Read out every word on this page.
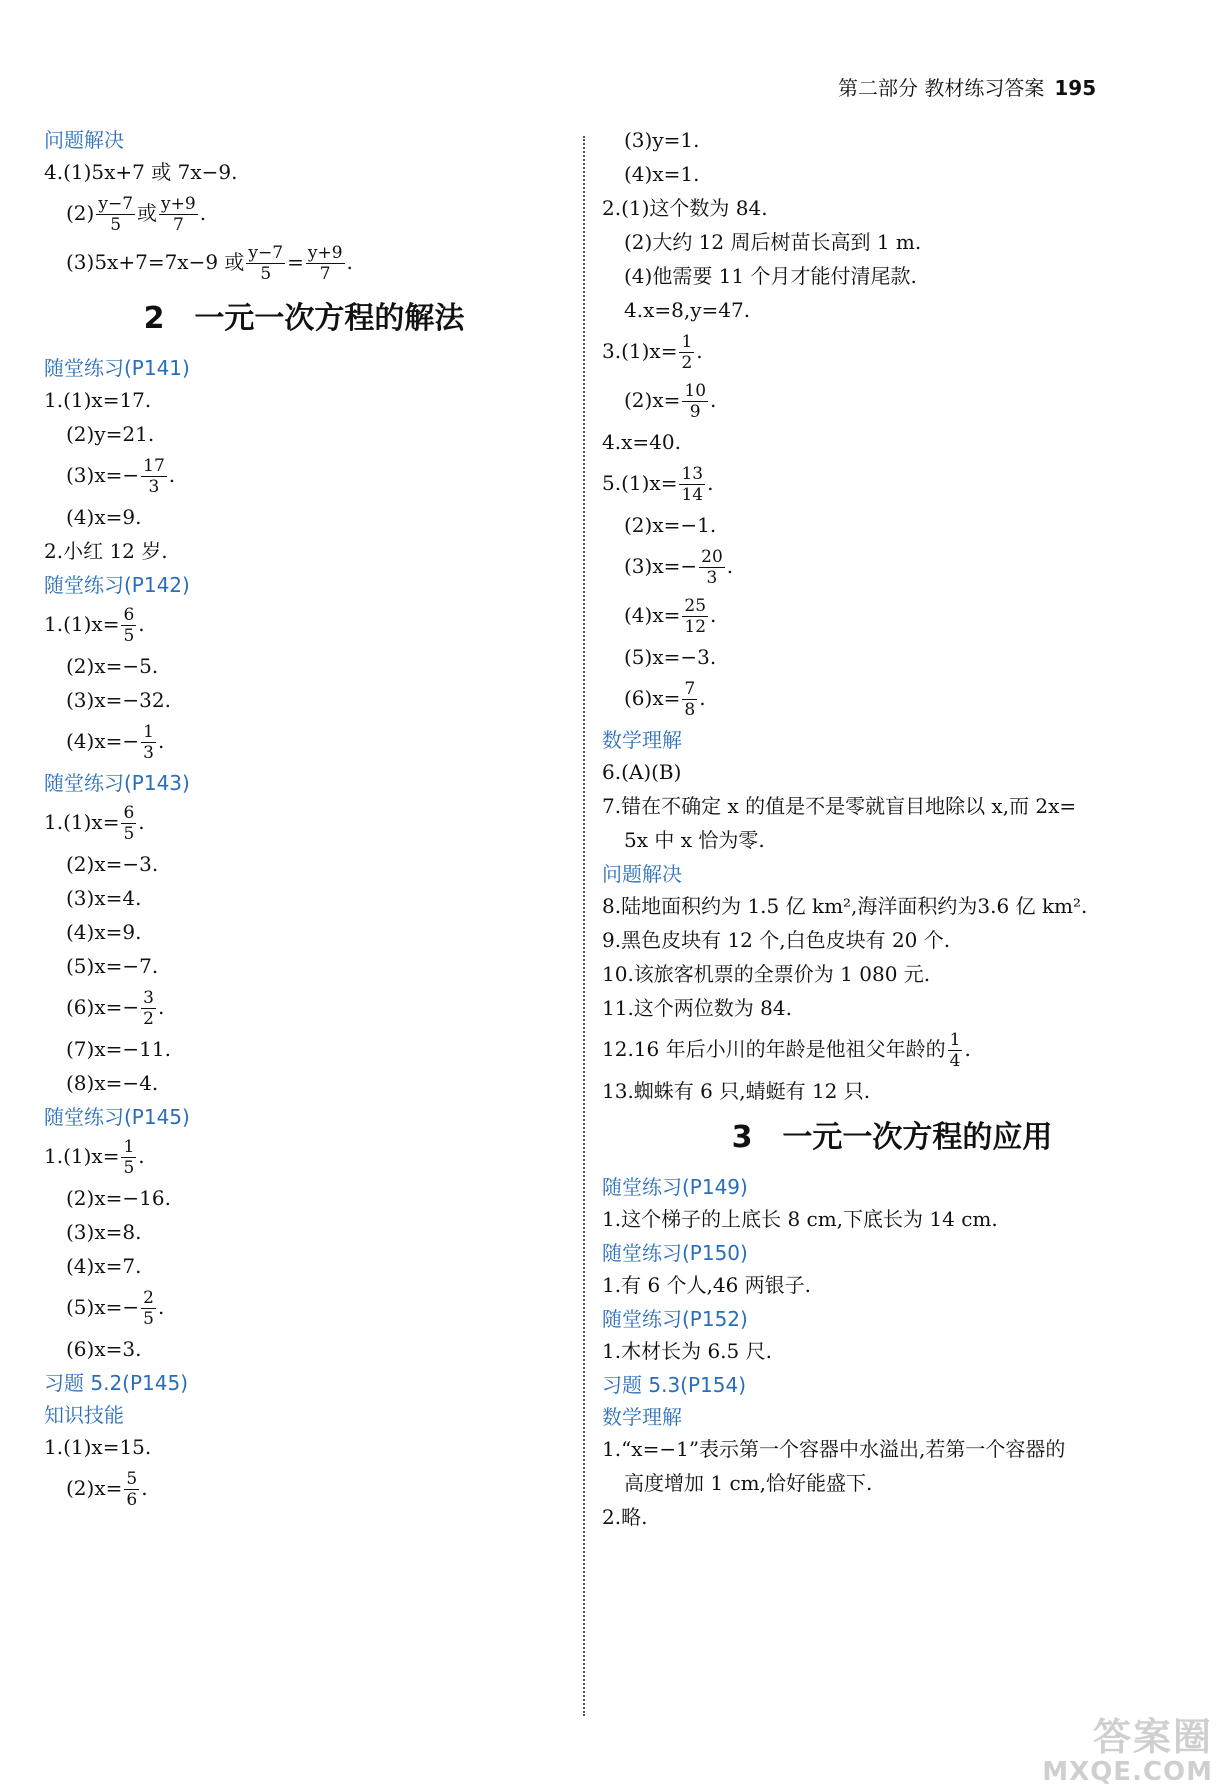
第二部分 教材练习答案 195
问题解决
4.(1)5x+7 或 7x−9.
$(2) \frac{y-7}{5}$ 或 $\frac{y+9}{7}$ .
(3)5x+7=7x−9 或 $\frac{y-7}{5} = \frac{y+9}{7}$ .
2　一元一次方程的解法
随堂练习(P141)
1.(1)x=17.
(2)y=21.
$(3)x=- \frac{17}{3}$ .
(4)x=9.
2.小红 12 岁.
随堂练习(P142)
$1.(1)x= \frac{6}{5}$ .
(2)x=−5.
(3)x=−32.
$(4)x=- \frac{1}{3}$ .
随堂练习(P143)
$1.(1)x= \frac{6}{5}$ .
(2)x=−3.
(3)x=4.
(4)x=9.
(5)x=−7.
$(6)x=- \frac{3}{2}$ .
(7)x=−11.
(8)x=−4.
随堂练习(P145)
$1.(1)x= \frac{1}{5}$ .
(2)x=−16.
(3)x=8.
(4)x=7.
$(5)x=- \frac{2}{5}$ .
(6)x=3.
习题 5.2(P145)
知识技能
1.(1)x=15.
$(2)x= \frac{5}{6}$ .
(3)y=1.
(4)x=1.
2.(1)这个数为 84.
(2)大约 12 周后树苗长高到 1 m.
(4)他需要 11 个月才能付清尾款.
4.x=8,y=47.
$3.(1)x= \frac{1}{2}$ .
$(2)x= \frac{10}{9}$ .
4.x=40.
$5.(1)x= \frac{13}{14}$ .
(2)x=−1.
$(3)x=- \frac{20}{3}$ .
$(4)x= \frac{25}{12}$ .
(5)x=−3.
$(6)x= \frac{7}{8}$ .
数学理解
6.(A)(B)
7.错在不确定 x 的值是不是零就盲目地除以 x,而 2x=
5x 中 x 恰为零.
问题解决
8.陆地面积约为 1.5 亿 km²,海洋面积约为3.6 亿 km².
9.黑色皮块有 12 个,白色皮块有 20 个.
10.该旅客机票的全票价为 1 080 元.
11.这个两位数为 84.
12.16 年后小川的年龄是他祖父年龄的 $\frac{1}{4}$ .
13.蜘蛛有 6 只,蜻蜓有 12 只.
3　一元一次方程的应用
随堂练习(P149)
1.这个梯子的上底长 8 cm,下底长为 14 cm.
随堂练习(P150)
1.有 6 个人,46 两银子.
随堂练习(P152)
1.木材长为 6.5 尺.
习题 5.3(P154)
数学理解
1.“x=−1”表示第一个容器中水溢出,若第一个容器的
高度增加 1 cm,恰好能盛下.
2.略.
答案圈
MXQE.COM
